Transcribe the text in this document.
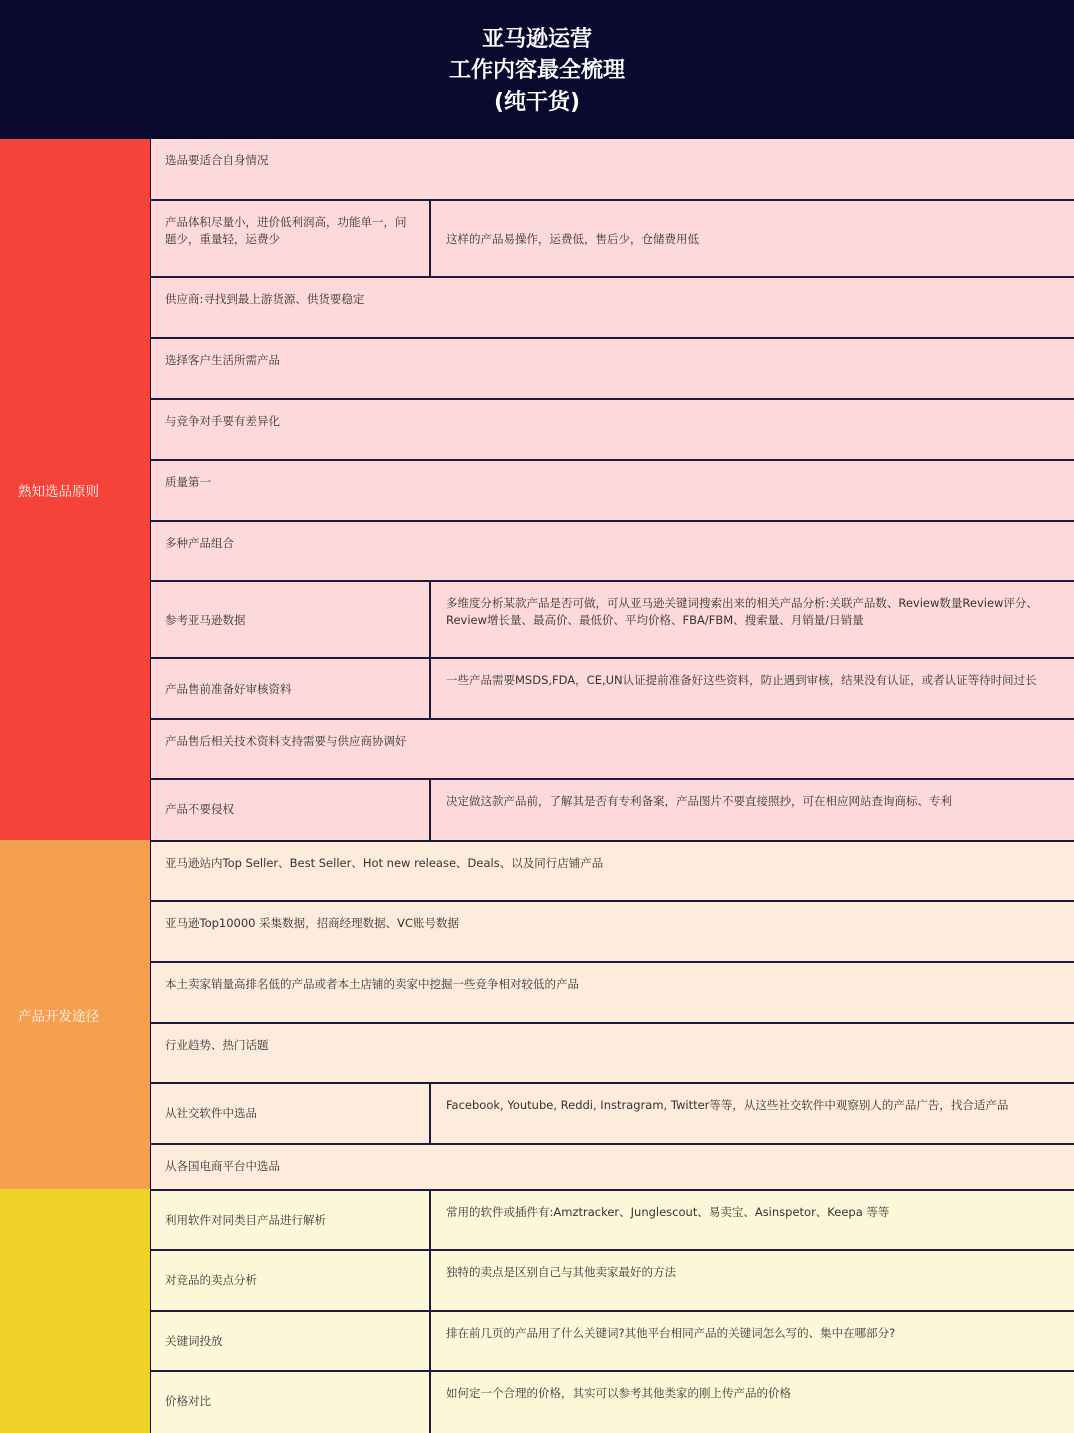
亚马逊运营
工作内容最全梳理
(纯干货)
熟知选品原则
选品要适合自身情况
产品体积尽量小，进价低利润高，功能单一，问题少，重量轻，运费少	这样的产品易操作，运费低，售后少，仓储费用低
供应商:寻找到最上游货源、供货要稳定
选择客户生活所需产品
与竞争对手要有差异化
质量第一
多种产品组合
参考亚马逊数据
多维度分析某款产品是否可做，可从亚马逊关键词搜索出来的相关产品分析:关联产品数、Review数量Review评分、Review增长量、最高价、最低价、平均价格、FBA/FBM、搜索量、月销量/日销量
产品售前准备好审核资料
一些产品需要MSDS,FDA，CE,UN认证提前准备好这些资料，防止遇到审核，结果没有认证，或者认证等待时间过长
产品售后相关技术资料支持需要与供应商协调好
产品不要侵权
决定做这款产品前，了解其是否有专利备案，产品图片不要直接照抄，可在相应网站查询商标、专利
产品开发途径
亚马逊站内Top Seller、Best Seller、Hot new release、Deals、以及同行店铺产品
亚马逊Top10000 采集数据，招商经理数据、VC账号数据
本土卖家销量高排名低的产品或者本土店铺的卖家中挖掘一些竞争相对较低的产品
行业趋势、热门话题
从社交软件中选品
Facebook, Youtube, Reddi, Instragram, Twitter等等，从这些社交软件中观察别人的产品广告，找合适产品
从各国电商平台中选品
利用软件对同类目产品进行解析
常用的软件或插件有:Amztracker、Junglescout、易卖宝、Asinspetor、Keepa 等等
对竞品的卖点分析
独特的卖点是区别自己与其他卖家最好的方法
关键词投放
排在前几页的产品用了什么关键词?其他平台相同产品的关键词怎么写的、集中在哪部分?
价格对比
如何定一个合理的价格，其实可以参考其他类家的刚上传产品的价格
